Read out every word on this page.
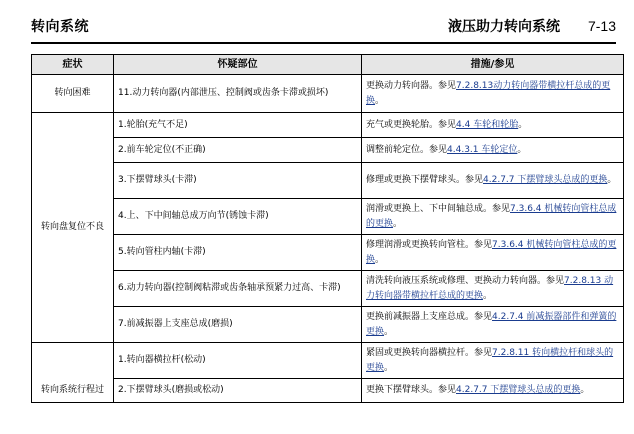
转向系统	液压助力转向系统 7-13
症状	怀疑部位	措施/参见
转向困难	11.动力转向器(内部泄压、控制阀或齿条卡滞或损坏)	更换动力转向器。参见7.2.8.13动力转向器带横拉杆总成的更换。
转向盘复位不良	1.轮胎(充气不足)	充气或更换轮胎。参见4.4 车轮和轮胎。
	2.前车轮定位(不正确)	调整前轮定位。参见4.4.3.1 车轮定位。
	3.下摆臂球头(卡滞)	修理或更换下摆臂球头。参见4.2.7.7 下摆臂球头总成的更换。
	4.上、下中间轴总成万向节(锈蚀卡滞)	润滑或更换上、下中间轴总成。参见7.3.6.4 机械转向管柱总成的更换。
	5.转向管柱内轴(卡滞)	修理润滑或更换转向管柱。参见7.3.6.4 机械转向管柱总成的更换。
	6.动力转向器(控制阀粘滞或齿条轴承预紧力过高、卡滞)	清洗转向液压系统或修理、更换动力转向器。参见7.2.8.13 动力转向器带横拉杆总成的更换。
	7.前减振器上支座总成(磨损)	更换前减振器上支座总成。参见4.2.7.4 前减振器部件和弹簧的更换。
转向系统行程过	1.转向器横拉杆(松动)	紧固或更换转向器横拉杆。参见7.2.8.11 转向横拉杆和球头的更换。
	2.下摆臂球头(磨损或松动)	更换下摆臂球头。参见4.2.7.7 下摆臂球头总成的更换。
